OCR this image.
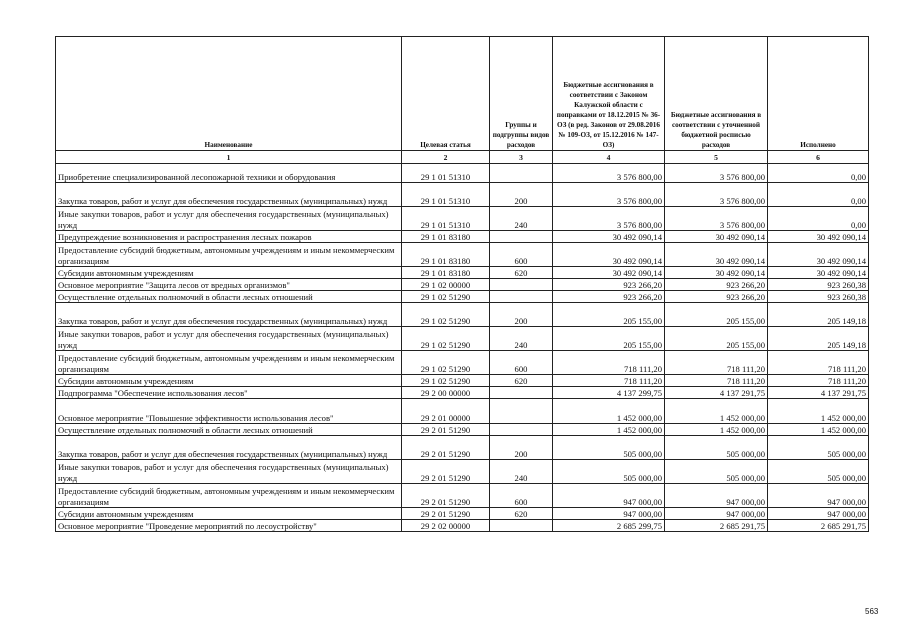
Наименование	Целевая статья	Группы и подгруппы видов расходов	Бюджетные ассигнования в соответствии с Законом Калужской области с поправками от 18.12.2015 № 36-ОЗ (в ред. Законов от 29.08.2016 № 109-ОЗ, от 15.12.2016 № 147-ОЗ)	Бюджетные ассигнования в соответствии с уточненной бюджетной росписью расходов	Исполнено
1	2	3	4	5	6
Приобретение специализированной лесопожарной техники и оборудования	29 1 01 51310		3 576 800,00	3 576 800,00	0,00
Закупка товаров, работ и услуг для обеспечения государственных (муниципальных) нужд	29 1 01 51310	200	3 576 800,00	3 576 800,00	0,00
Иные закупки товаров, работ и услуг для обеспечения государственных (муниципальных) нужд	29 1 01 51310	240	3 576 800,00	3 576 800,00	0,00
Предупреждение возникновения и распространения лесных пожаров	29 1 01 83180		30 492 090,14	30 492 090,14	30 492 090,14
Предоставление субсидий бюджетным, автономным учреждениям и иным некоммерческим организациям	29 1 01 83180	600	30 492 090,14	30 492 090,14	30 492 090,14
Субсидии автономным учреждениям	29 1 01 83180	620	30 492 090,14	30 492 090,14	30 492 090,14
Основное мероприятие "Защита лесов от вредных организмов"	29 1 02 00000		923 266,20	923 266,20	923 260,38
Осуществление отдельных полномочий в области лесных отношений	29 1 02 51290		923 266,20	923 266,20	923 260,38
Закупка товаров, работ и услуг для обеспечения государственных (муниципальных) нужд	29 1 02 51290	200	205 155,00	205 155,00	205 149,18
Иные закупки товаров, работ и услуг для обеспечения государственных (муниципальных) нужд	29 1 02 51290	240	205 155,00	205 155,00	205 149,18
Предоставление субсидий бюджетным, автономным учреждениям и иным некоммерческим организациям	29 1 02 51290	600	718 111,20	718 111,20	718 111,20
Субсидии автономным учреждениям	29 1 02 51290	620	718 111,20	718 111,20	718 111,20
Подпрограмма "Обеспечение использования лесов"	29 2 00 00000		4 137 299,75	4 137 291,75	4 137 291,75
Основное мероприятие "Повышение эффективности использования лесов"	29 2 01 00000		1 452 000,00	1 452 000,00	1 452 000,00
Осуществление отдельных полномочий в области лесных отношений	29 2 01 51290		1 452 000,00	1 452 000,00	1 452 000,00
Закупка товаров, работ и услуг для обеспечения государственных (муниципальных) нужд	29 2 01 51290	200	505 000,00	505 000,00	505 000,00
Иные закупки товаров, работ и услуг для обеспечения государственных (муниципальных) нужд	29 2 01 51290	240	505 000,00	505 000,00	505 000,00
Предоставление субсидий бюджетным, автономным учреждениям и иным некоммерческим организациям	29 2 01 51290	600	947 000,00	947 000,00	947 000,00
Субсидии автономным учреждениям	29 2 01 51290	620	947 000,00	947 000,00	947 000,00
Основное мероприятие "Проведение мероприятий по лесоустройству"	29 2 02 00000		2 685 299,75	2 685 291,75	2 685 291,75
563
